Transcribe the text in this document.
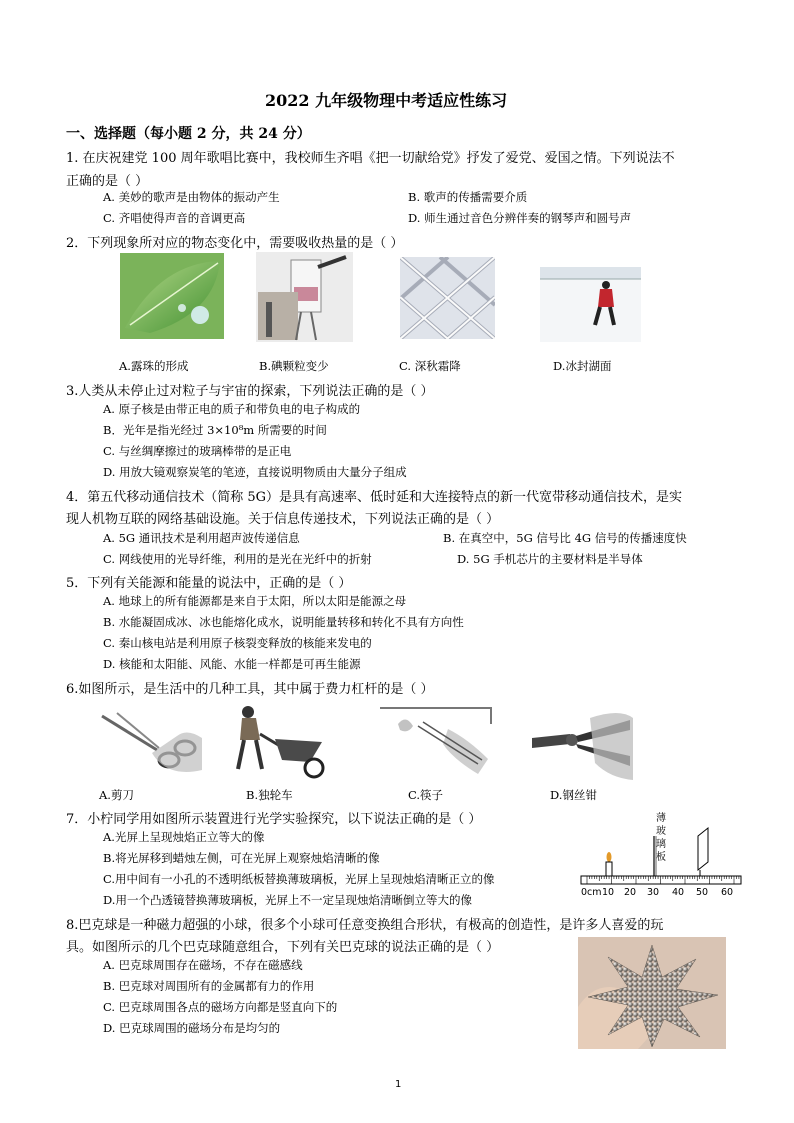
2022 九年级物理中考适应性练习
一、选择题（每小题 2 分，共 24 分）
1. 在庆祝建党 100 周年歌唱比赛中，我校师生齐唱《把一切献给党》抒发了爱党、爱国之情。下列说法不
正确的是（ ）
A. 美妙的歌声是由物体的振动产生	B. 歌声的传播需要介质
C. 齐唱使得声音的音调更高	D. 师生通过音色分辨伴奏的钢琴声和圆号声
2．下列现象所对应的物态变化中，需要吸收热量的是（ ）
A.露珠的形成	B.碘颗粒变少	C. 深秋霜降	D.冰封湖面
3.人类从未停止过对粒子与宇宙的探索，下列说法正确的是（ ）
A. 原子核是由带正电的质子和带负电的电子构成的
B．光年是指光经过 3×10⁸m 所需要的时间
C. 与丝绸摩擦过的玻璃棒带的是正电
D. 用放大镜观察炭笔的笔迹，直接说明物质由大量分子组成
4．第五代移动通信技术（简称 5G）是具有高速率、低时延和大连接特点的新一代宽带移动通信技术，是实
现人机物互联的网络基础设施。关于信息传递技术，下列说法正确的是（ ）
A. 5G 通讯技术是利用超声波传递信息	B. 在真空中，5G 信号比 4G 信号的传播速度快
C. 网线使用的光导纤维，利用的是光在光纤中的折射	D. 5G 手机芯片的主要材料是半导体
5．下列有关能源和能量的说法中，正确的是（ ）
A. 地球上的所有能源都是来自于太阳，所以太阳是能源之母
B. 水能凝固成冰、冰也能熔化成水，说明能量转移和转化不具有方向性
C. 秦山核电站是利用原子核裂变释放的核能来发电的
D. 核能和太阳能、风能、水能一样都是可再生能源
6.如图所示，是生活中的几种工具，其中属于费力杠杆的是（ ）
A.剪刀	B.独轮车	C.筷子	D.钢丝钳
7．小柠同学用如图所示装置进行光学实验探究，以下说法正确的是（ ）
A.光屏上呈现烛焰正立等大的像
B.将光屏移到蜡烛左侧，可在光屏上观察烛焰清晰的像
C.用中间有一小孔的不透明纸板替换薄玻璃板，光屏上呈现烛焰清晰正立的像
D.用一个凸透镜替换薄玻璃板，光屏上不一定呈现烛焰清晰倒立等大的像
薄
玻
璃
板
0cm 10 20 30 40 50 60
8.巴克球是一种磁力超强的小球，很多个小球可任意变换组合形状，有极高的创造性，是许多人喜爱的玩
具。如图所示的几个巴克球随意组合，下列有关巴克球的说法正确的是（ ）
A. 巴克球周围存在磁场，不存在磁感线
B. 巴克球对周围所有的金属都有力的作用
C. 巴克球周围各点的磁场方向都是竖直向下的
D. 巴克球周围的磁场分布是均匀的
1
